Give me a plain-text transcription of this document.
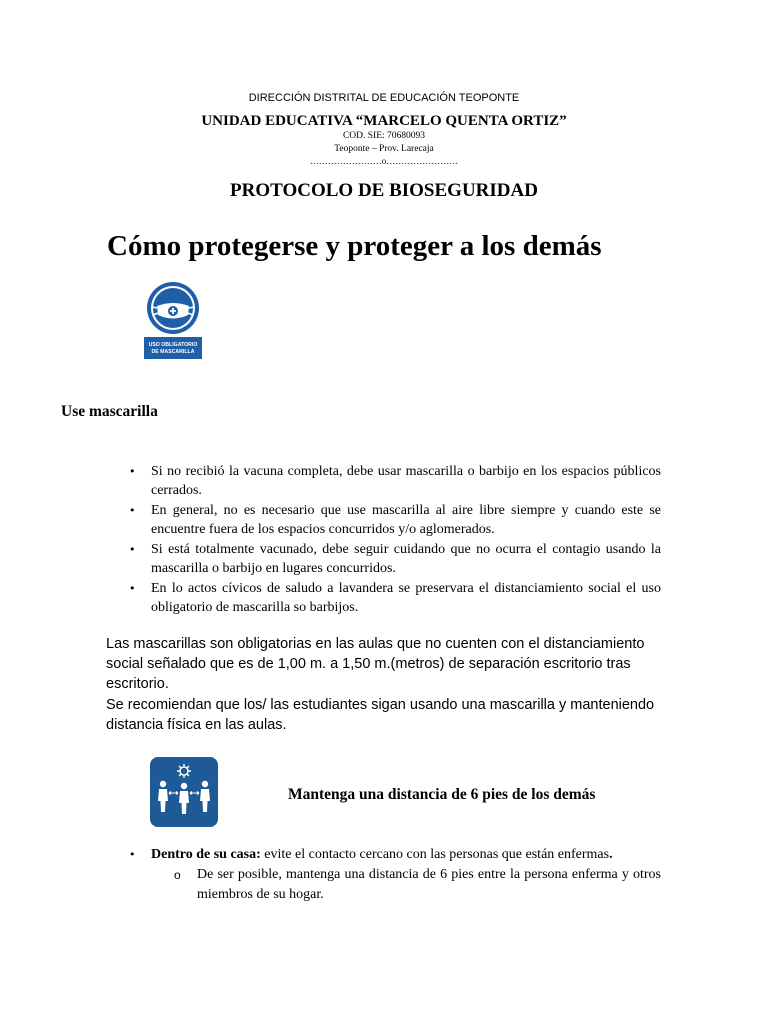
DIRECCIÓN DISTRITAL DE EDUCACIÓN TEOPONTE
UNIDAD EDUCATIVA “MARCELO QUENTA ORTIZ”
COD. SIE: 70680093
Teoponte – Prov. Larecaja
……………………o……………………
PROTOCOLO DE BIOSEGURIDAD
Cómo protegerse y proteger a los demás
USO OBLIGATORIO
DE MASCARILLA
Use mascarilla
• Si no recibió la vacuna completa, debe usar mascarilla o barbijo en los espacios públicos cerrados.
• En general, no es necesario que use mascarilla al aire libre siempre y cuando este se encuentre fuera de los espacios concurridos y/o aglomerados.
• Si está totalmente vacunado, debe seguir cuidando que no ocurra el contagio usando la mascarilla o barbijo en lugares concurridos.
• En lo actos cívicos de saludo a lavandera se preservara el distanciamiento social el uso obligatorio de mascarilla so barbijos.
Las mascarillas son obligatorias en las aulas que no cuenten con el distanciamiento social señalado que es de 1,00 m. a 1,50 m.(metros) de separación escritorio tras escritorio.
Se recomiendan que los/ las estudiantes sigan usando una mascarilla y manteniendo distancia física en las aulas.
Mantenga una distancia de 6 pies de los demás
• Dentro de su casa: evite el contacto cercano con las personas que están enfermas.
o De ser posible, mantenga una distancia de 6 pies entre la persona enferma y otros miembros de su hogar.
